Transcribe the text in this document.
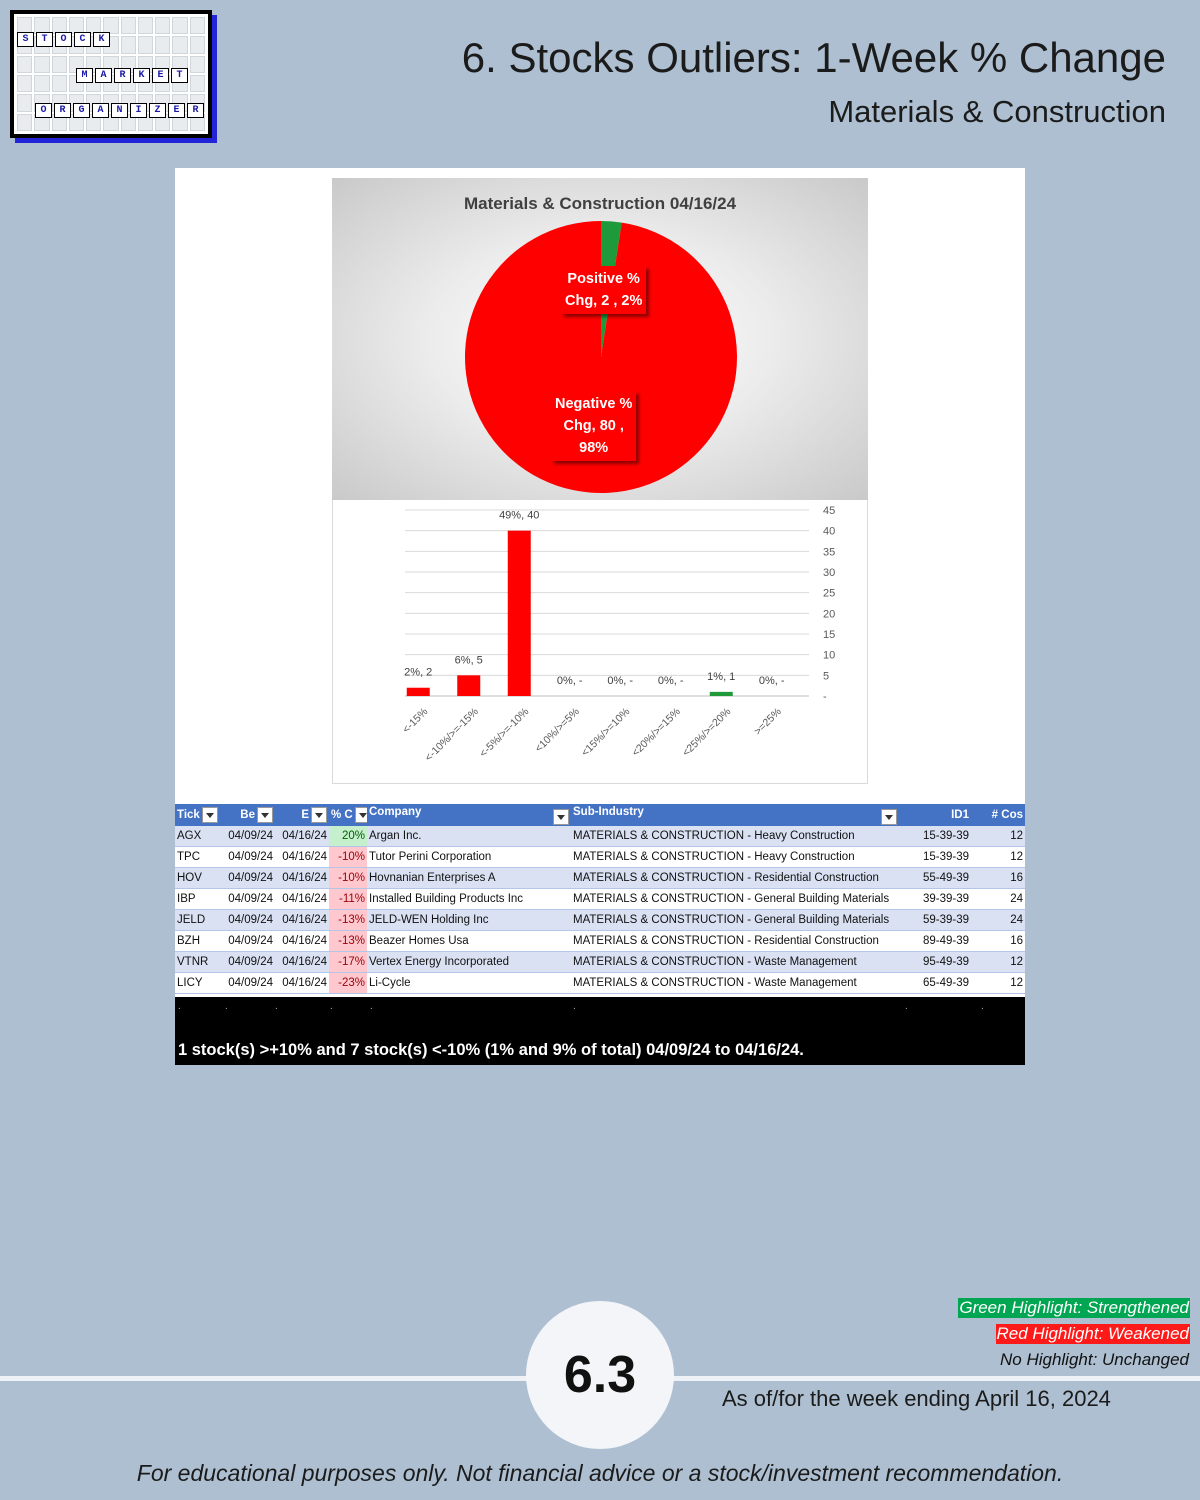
S	T	O	C	K
M	A	R	K	E	T
O	R	G	A	N	I	Z	E	R
6. Stocks Outliers: 1-Week % Change
Materials & Construction
Materials & Construction 04/16/24
Positive %
Chg, 2 , 2%
Negative %
Chg, 80 ,
98%
45
40
35
30
25
20
15
10
5
-
2%, 2
<-15%
6%, 5
<-10%/>=-15%
49%, 40
<-5%/>=-10%
0%, -
<10%/>=5%
0%, -
<15%/>=10%
0%, -
<20%/>=15%
1%, 1
<25%/>=20%
0%, -
>=25%
Tick	Be	E	% C	Company	Sub-Industry	ID1	# Cos
AGX	04/09/24	04/16/24	20%	Argan Inc.	MATERIALS & CONSTRUCTION - Heavy Construction	15-39-39	12
TPC	04/09/24	04/16/24	-10%	Tutor Perini Corporation	MATERIALS & CONSTRUCTION - Heavy Construction	15-39-39	12
HOV	04/09/24	04/16/24	-10%	Hovnanian Enterprises A	MATERIALS & CONSTRUCTION - Residential Construction	55-49-39	16
IBP	04/09/24	04/16/24	-11%	Installed Building Products Inc	MATERIALS & CONSTRUCTION - General Building Materials	39-39-39	24
JELD	04/09/24	04/16/24	-13%	JELD-WEN Holding Inc	MATERIALS & CONSTRUCTION - General Building Materials	59-39-39	24
BZH	04/09/24	04/16/24	-13%	Beazer Homes Usa	MATERIALS & CONSTRUCTION - Residential Construction	89-49-39	16
VTNR	04/09/24	04/16/24	-17%	Vertex Energy Incorporated	MATERIALS & CONSTRUCTION - Waste Management	95-49-39	12
LICY	04/09/24	04/16/24	-23%	Li-Cycle	MATERIALS & CONSTRUCTION - Waste Management	65-49-39	12
.	.	.	.	.	.	.	.
1 stock(s) >+10% and 7 stock(s) <-10% (1% and 9% of total) 04/09/24 to 04/16/24.
Green Highlight: Strengthened
Red Highlight: Weakened
No Highlight: Unchanged
6.3	As of/for the week ending April 16, 2024
For educational purposes only. Not financial advice or a stock/investment recommendation.
